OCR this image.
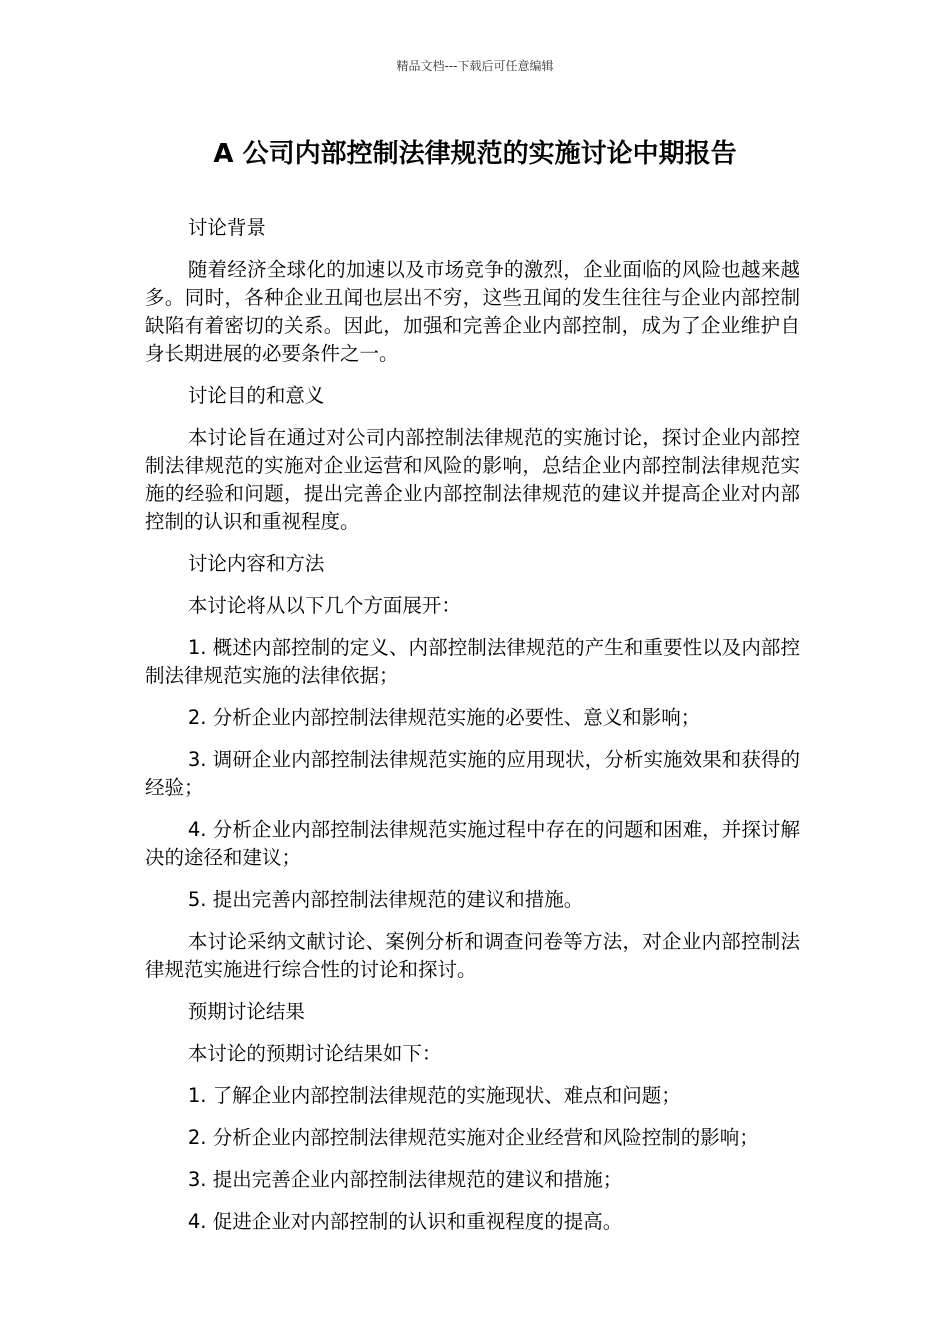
精品文档---下载后可任意编辑
A 公司内部控制法律规范的实施讨论中期报告

讨论背景

随着经济全球化的加速以及市场竞争的激烈，企业面临的风险也越来越多。同时，各种企业丑闻也层出不穷，这些丑闻的发生往往与企业内部控制缺陷有着密切的关系。因此，加强和完善企业内部控制，成为了企业维护自身长期进展的必要条件之一。

讨论目的和意义

本讨论旨在通过对公司内部控制法律规范的实施讨论，探讨企业内部控制法律规范的实施对企业运营和风险的影响，总结企业内部控制法律规范实施的经验和问题，提出完善企业内部控制法律规范的建议并提高企业对内部控制的认识和重视程度。

讨论内容和方法

本讨论将从以下几个方面展开：

1. 概述内部控制的定义、内部控制法律规范的产生和重要性以及内部控制法律规范实施的法律依据；

2. 分析企业内部控制法律规范实施的必要性、意义和影响；

3. 调研企业内部控制法律规范实施的应用现状，分析实施效果和获得的经验；

4. 分析企业内部控制法律规范实施过程中存在的问题和困难，并探讨解决的途径和建议；

5. 提出完善内部控制法律规范的建议和措施。

本讨论采纳文献讨论、案例分析和调查问卷等方法，对企业内部控制法律规范实施进行综合性的讨论和探讨。

预期讨论结果

本讨论的预期讨论结果如下：

1. 了解企业内部控制法律规范的实施现状、难点和问题；

2. 分析企业内部控制法律规范实施对企业经营和风险控制的影响；

3. 提出完善企业内部控制法律规范的建议和措施；

4. 促进企业对内部控制的认识和重视程度的提高。
